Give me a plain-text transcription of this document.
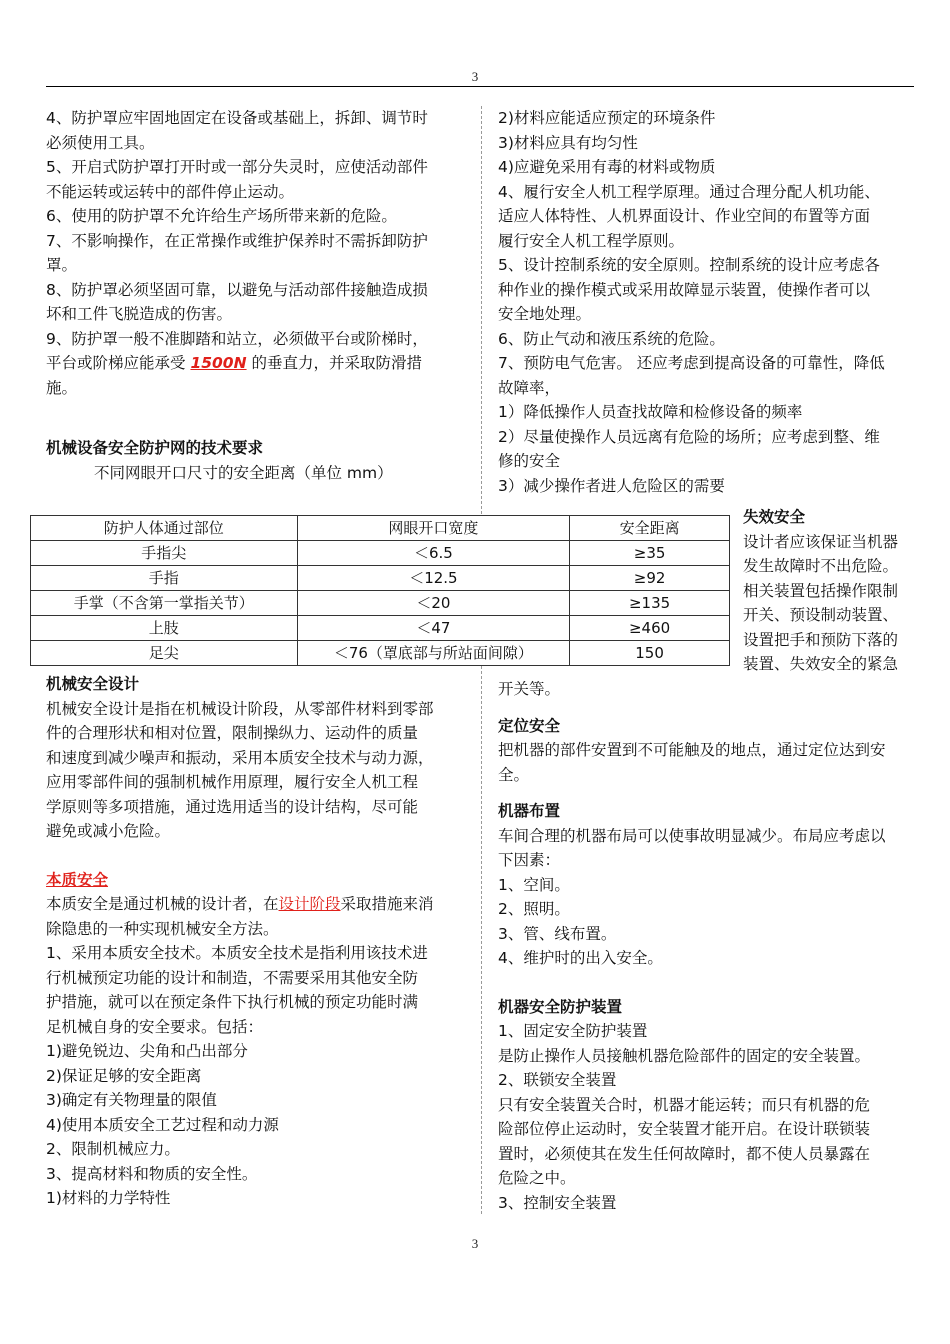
3

4、防护罩应牢固地固定在设备或基础上，拆卸、调节时

必须使用工具。

5、开启式防护罩打开时或一部分失灵时，应使活动部件

不能运转或运转中的部件停止运动。

6、使用的防护罩不允许给生产场所带来新的危险。

7、不影响操作，在正常操作或维护保养时不需拆卸防护

罩。

8、防护罩必须坚固可靠，以避免与活动部件接触造成损

坏和工件飞脱造成的伤害。

9、防护罩一般不准脚踏和站立，必须做平台或阶梯时，

平台或阶梯应能承受 1500N 的垂直力，并采取防滑措

施。

机械设备安全防护网的技术要求

不同网眼开口尺寸的安全距离（单位 mm）

防护人体通过部位	网眼开口宽度	安全距离
手指尖	＜6.5	≥35
手指	＜12.5	≥92
手掌（不含第一掌指关节）	＜20	≥135
上肢	＜47	≥460
足尖	＜76（罩底部与所站面间隙）	150

机械安全设计

机械安全设计是指在机械设计阶段，从零部件材料到零部

件的合理形状和相对位置，限制操纵力、运动件的质量

和速度到减少噪声和振动，采用本质安全技术与动力源，

应用零部件间的强制机械作用原理，履行安全人机工程

学原则等多项措施，通过选用适当的设计结构，尽可能

避免或减小危险。

本质安全

本质安全是通过机械的设计者，在设计阶段采取措施来消

除隐患的一种实现机械安全方法。

1、采用本质安全技术。本质安全技术是指利用该技术进

行机械预定功能的设计和制造，不需要采用其他安全防

护措施，就可以在预定条件下执行机械的预定功能时满

足机械自身的安全要求。包括：

1)避免锐边、尖角和凸出部分

2)保证足够的安全距离

3)确定有关物理量的限值

4)使用本质安全工艺过程和动力源

2、限制机械应力。

3、提高材料和物质的安全性。

1)材料的力学特性

2)材料应能适应预定的环境条件

3)材料应具有均匀性

4)应避免采用有毒的材料或物质

4、履行安全人机工程学原理。通过合理分配人机功能、

适应人体特性、人机界面设计、作业空间的布置等方面

履行安全人机工程学原则。

5、设计控制系统的安全原则。控制系统的设计应考虑各

种作业的操作模式或采用故障显示装置，使操作者可以

安全地处理。

6、防止气动和液压系统的危险。

7、预防电气危害。 还应考虑到提高设备的可靠性，降低

故障率，

1）降低操作人员查找故障和检修设备的频率

2）尽量使操作人员远离有危险的场所；应考虑到整、维

修的安全

3）减少操作者进人危险区的需要

失效安全

设计者应该保证当机器

发生故障时不出危险。

相关装置包括操作限制

开关、预设制动装置、

设置把手和预防下落的

装置、失效安全的紧急

开关等。

定位安全

把机器的部件安置到不可能触及的地点，通过定位达到安

全。

机器布置

车间合理的机器布局可以使事故明显减少。布局应考虑以

下因素：

1、空间。

2、照明。

3、管、线布置。

4、维护时的出入安全。

机器安全防护装置

1、固定安全防护装置

是防止操作人员接触机器危险部件的固定的安全装置。

2、联锁安全装置

只有安全装置关合时，机器才能运转；而只有机器的危

险部位停止运动时，安全装置才能开启。在设计联锁装

置时，必须使其在发生任何故障时，都不使人员暴露在

危险之中。

3、控制安全装置

3
